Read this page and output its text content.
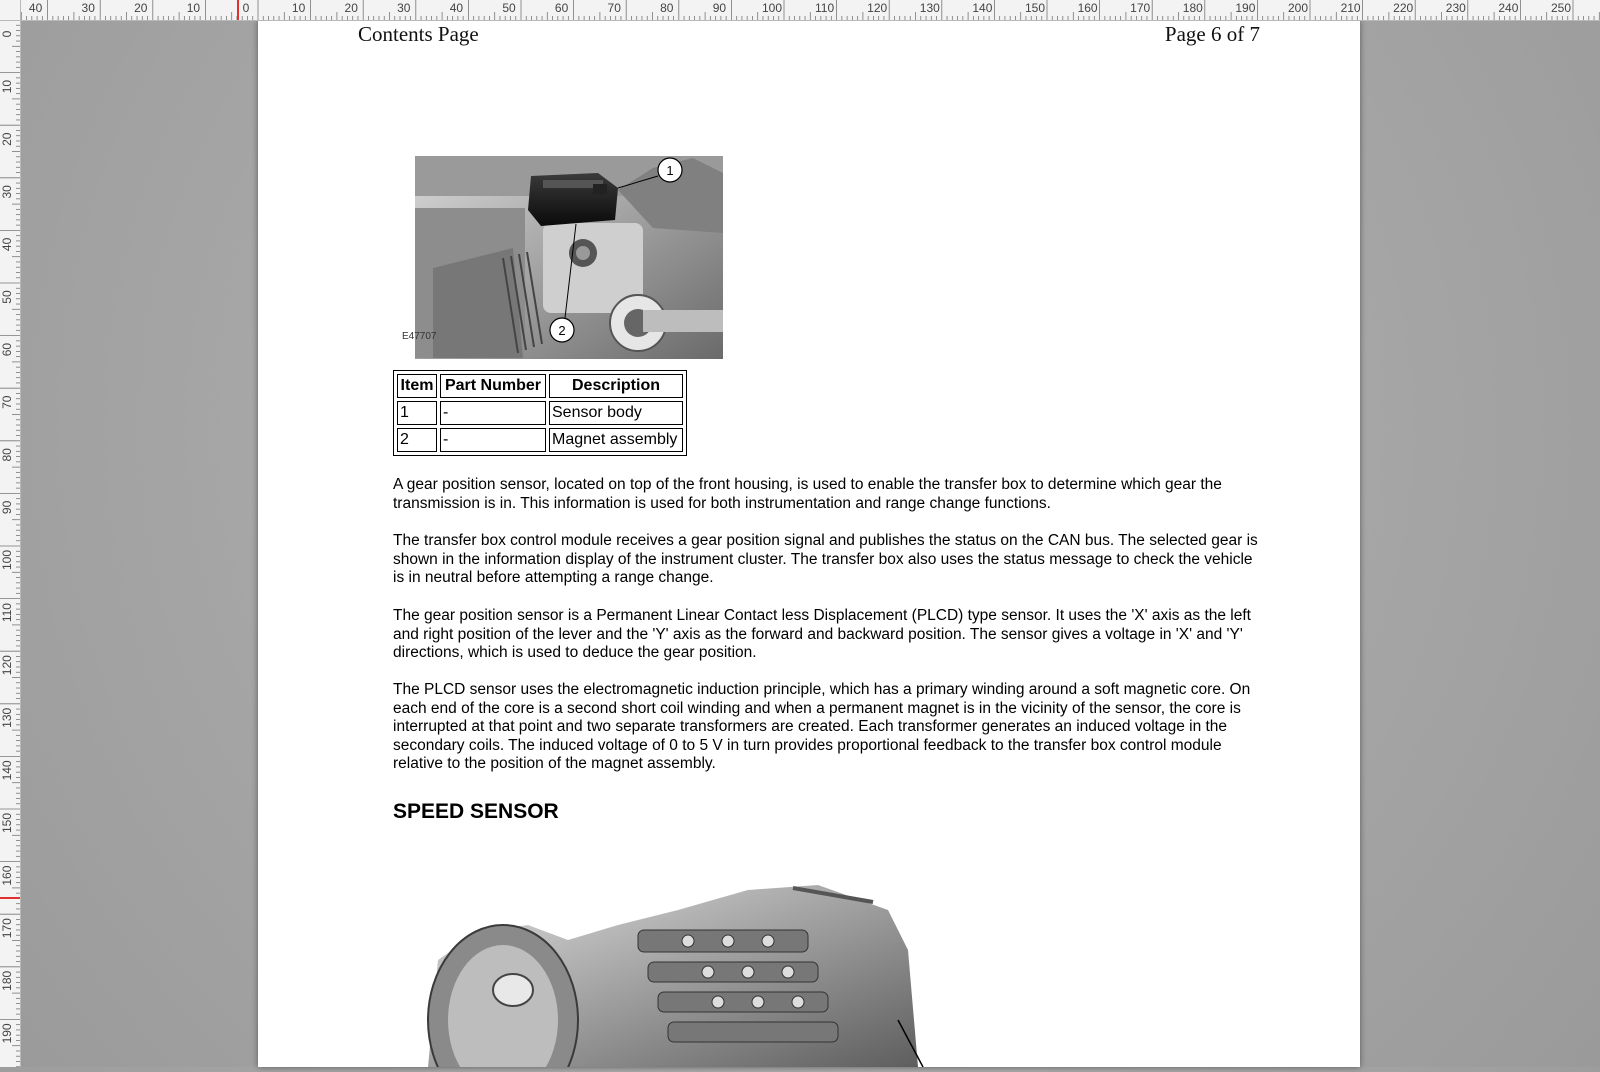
40	30	20	10	0	10	20	30	40	50	60	70	80	90	100	110	120	130	140	150	160	170	180	190	200	210	220	230	240	250
0
10
20
30
40
50
60
70
80
90
100
110
120
130
140
150
160
170
180
190
Contents Page	Page 6 of 7
1
2
E47707
Item	Part Number	Description
1	-	Sensor body
2	-	Magnet assembly

A gear position sensor, located on top of the front housing, is used to enable the transfer box to determine which gear the transmission is in. This information is used for both instrumentation and range change functions.

The transfer box control module receives a gear position signal and publishes the status on the CAN bus. The selected gear is shown in the information display of the instrument cluster. The transfer box also uses the status message to check the vehicle is in neutral before attempting a range change.

The gear position sensor is a Permanent Linear Contact less Displacement (PLCD) type sensor. It uses the 'X' axis as the left and right position of the lever and the 'Y' axis as the forward and backward position. The sensor gives a voltage in 'X' and 'Y' directions, which is used to deduce the gear position.

The PLCD sensor uses the electromagnetic induction principle, which has a primary winding around a soft magnetic core. On each end of the core is a second short coil winding and when a permanent magnet is in the vicinity of the sensor, the core is interrupted at that point and two separate transformers are created. Each transformer generates an induced voltage in the secondary coils. The induced voltage of 0 to 5 V in turn provides proportional feedback to the transfer box control module relative to the position of the magnet assembly.

SPEED SENSOR
